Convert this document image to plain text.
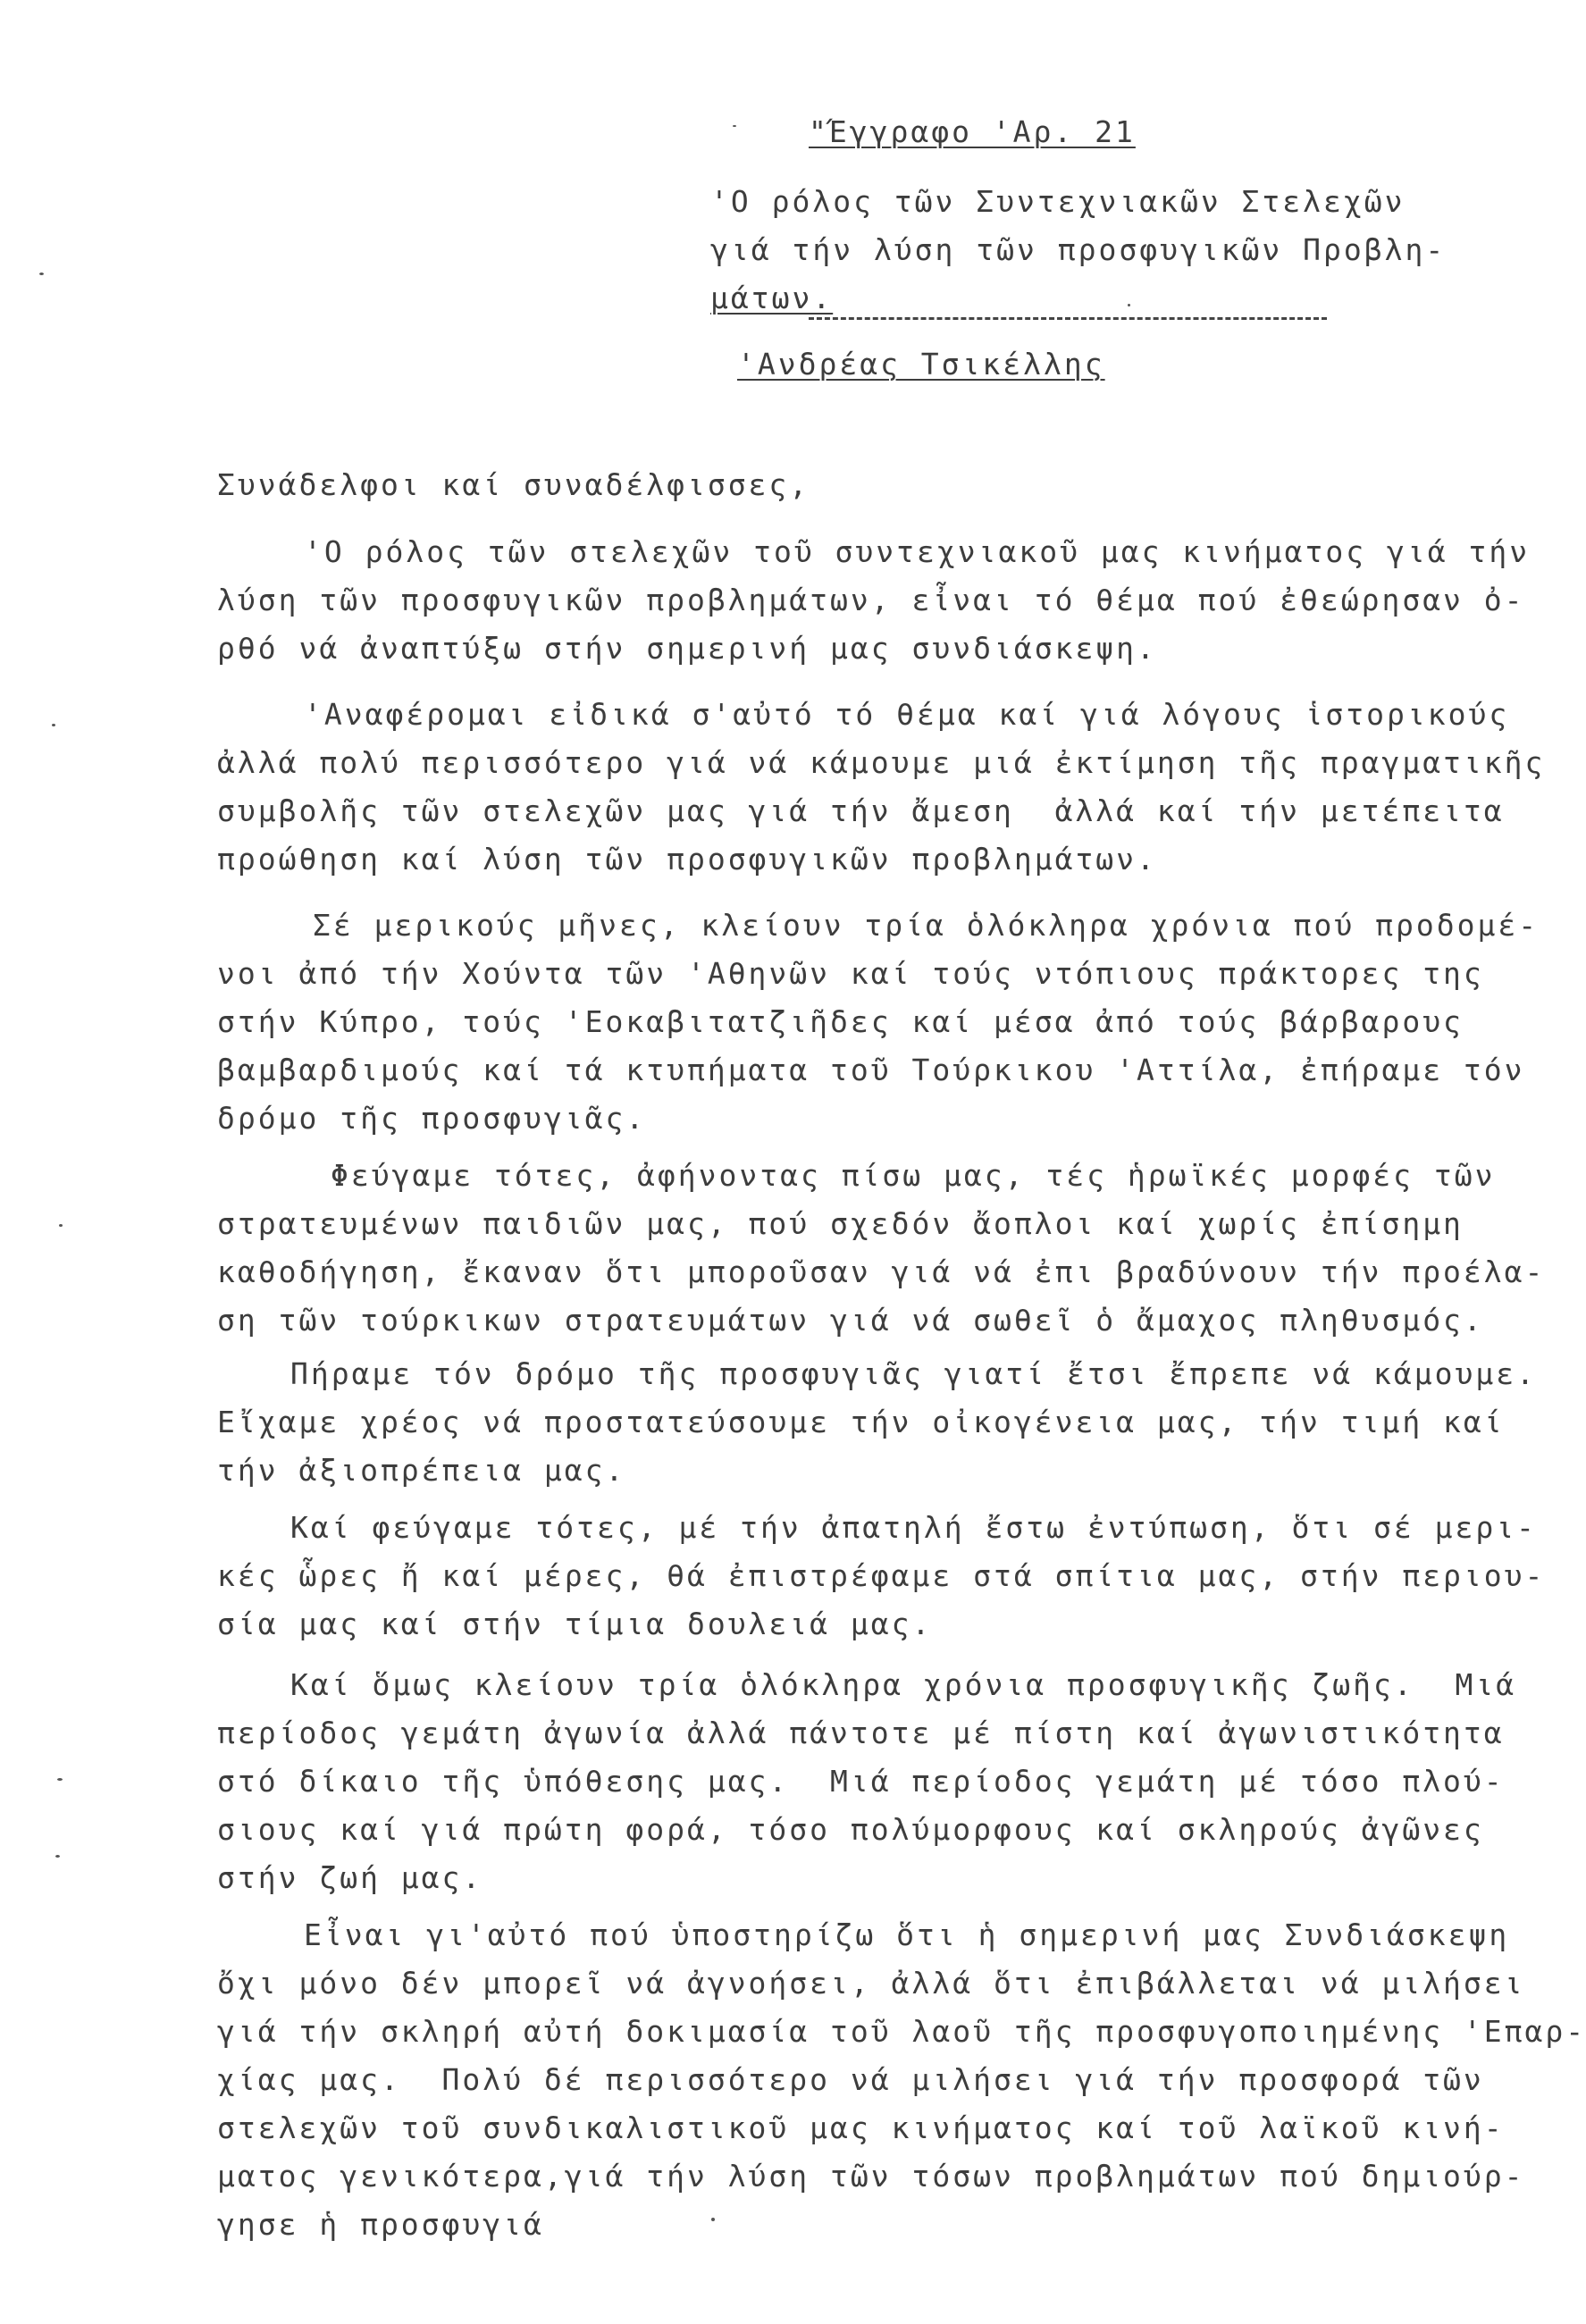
"Έγγραφο 'Αρ. 21
'Ο ρόλος τῶν Συντεχνιακῶν Στελεχῶν
γιά τήν λύση τῶν προσφυγικῶν Προβλη-
μάτων.
'Ανδρέας Τσικέλλης
Συνάδελφοι καί συναδέλφισσες,
'Ο ρόλος τῶν στελεχῶν τοῦ συντεχνιακοῦ μας κινήματος γιά τήν
λύση τῶν προσφυγικῶν προβλημάτων, εἶναι τό θέμα πού ἐθεώρησαν ὀ-
ρθό νά ἀναπτύξω στήν σημερινή μας συνδιάσκεψη.
'Αναφέρομαι εἰδικά σ'αὐτό τό θέμα καί γιά λόγους ἱστορικούς
ἀλλά πολύ περισσότερο γιά νά κάμουμε μιά ἐκτίμηση τῆς πραγματικῆς
συμβολῆς τῶν στελεχῶν μας γιά τήν ἄμεση  ἀλλά καί τήν μετέπειτα
προώθηση καί λύση τῶν προσφυγικῶν προβλημάτων.
Σέ μερικούς μῆνες, κλείουν τρία ὁλόκληρα χρόνια πού προδομέ-
νοι ἀπό τήν Χούντα τῶν 'Αθηνῶν καί τούς ντόπιους πράκτορες της
στήν Κύπρο, τούς 'Εοκαβιτατζιῆδες καί μέσα ἀπό τούς βάρβαρους
βαμβαρδιμούς καί τά κτυπήματα τοῦ Τούρκικου 'Αττίλα, ἐπήραμε τόν
δρόμο τῆς προσφυγιᾶς.
Φεύγαμε τότες, ἀφήνοντας πίσω μας, τές ἡρωϊκές μορφές τῶν
στρατευμένων παιδιῶν μας, πού σχεδόν ἄοπλοι καί χωρίς ἐπίσημη
καθοδήγηση, ἔκαναν ὅτι μποροῦσαν γιά νά ἐπι βραδύνουν τήν προέλα-
ση τῶν τούρκικων στρατευμάτων γιά νά σωθεῖ ὁ ἄμαχος πληθυσμός.
Πήραμε τόν δρόμο τῆς προσφυγιᾶς γιατί ἔτσι ἔπρεπε νά κάμουμε.
Εἴχαμε χρέος νά προστατεύσουμε τήν οἰκογένεια μας, τήν τιμή καί
τήν ἀξιοπρέπεια μας.
Καί φεύγαμε τότες, μέ τήν ἀπατηλή ἔστω ἐντύπωση, ὅτι σέ μερι-
κές ὧρες ἤ καί μέρες, θά ἐπιστρέφαμε στά σπίτια μας, στήν περιου-
σία μας καί στήν τίμια δουλειά μας.
Καί ὅμως κλείουν τρία ὁλόκληρα χρόνια προσφυγικῆς ζωῆς.  Μιά
περίοδος γεμάτη ἀγωνία ἀλλά πάντοτε μέ πίστη καί ἀγωνιστικότητα
στό δίκαιο τῆς ὑπόθεσης μας.  Μιά περίοδος γεμάτη μέ τόσο πλού-
σιους καί γιά πρώτη φορά, τόσο πολύμορφους καί σκληρούς ἀγῶνες
στήν ζωή μας.
Εἶναι γι'αὐτό πού ὑποστηρίζω ὅτι ἡ σημερινή μας Συνδιάσκεψη
ὄχι μόνο δέν μπορεῖ νά ἀγνοήσει, ἀλλά ὅτι ἐπιβάλλεται νά μιλήσει
γιά τήν σκληρή αὐτή δοκιμασία τοῦ λαοῦ τῆς προσφυγοποιημένης 'Επαρ-
χίας μας.  Πολύ δέ περισσότερο νά μιλήσει γιά τήν προσφορά τῶν
στελεχῶν τοῦ συνδικαλιστικοῦ μας κινήματος καί τοῦ λαϊκοῦ κινή-
ματος γενικότερα,γιά τήν λύση τῶν τόσων προβλημάτων πού δημιούρ-
γησε ἡ προσφυγιά
